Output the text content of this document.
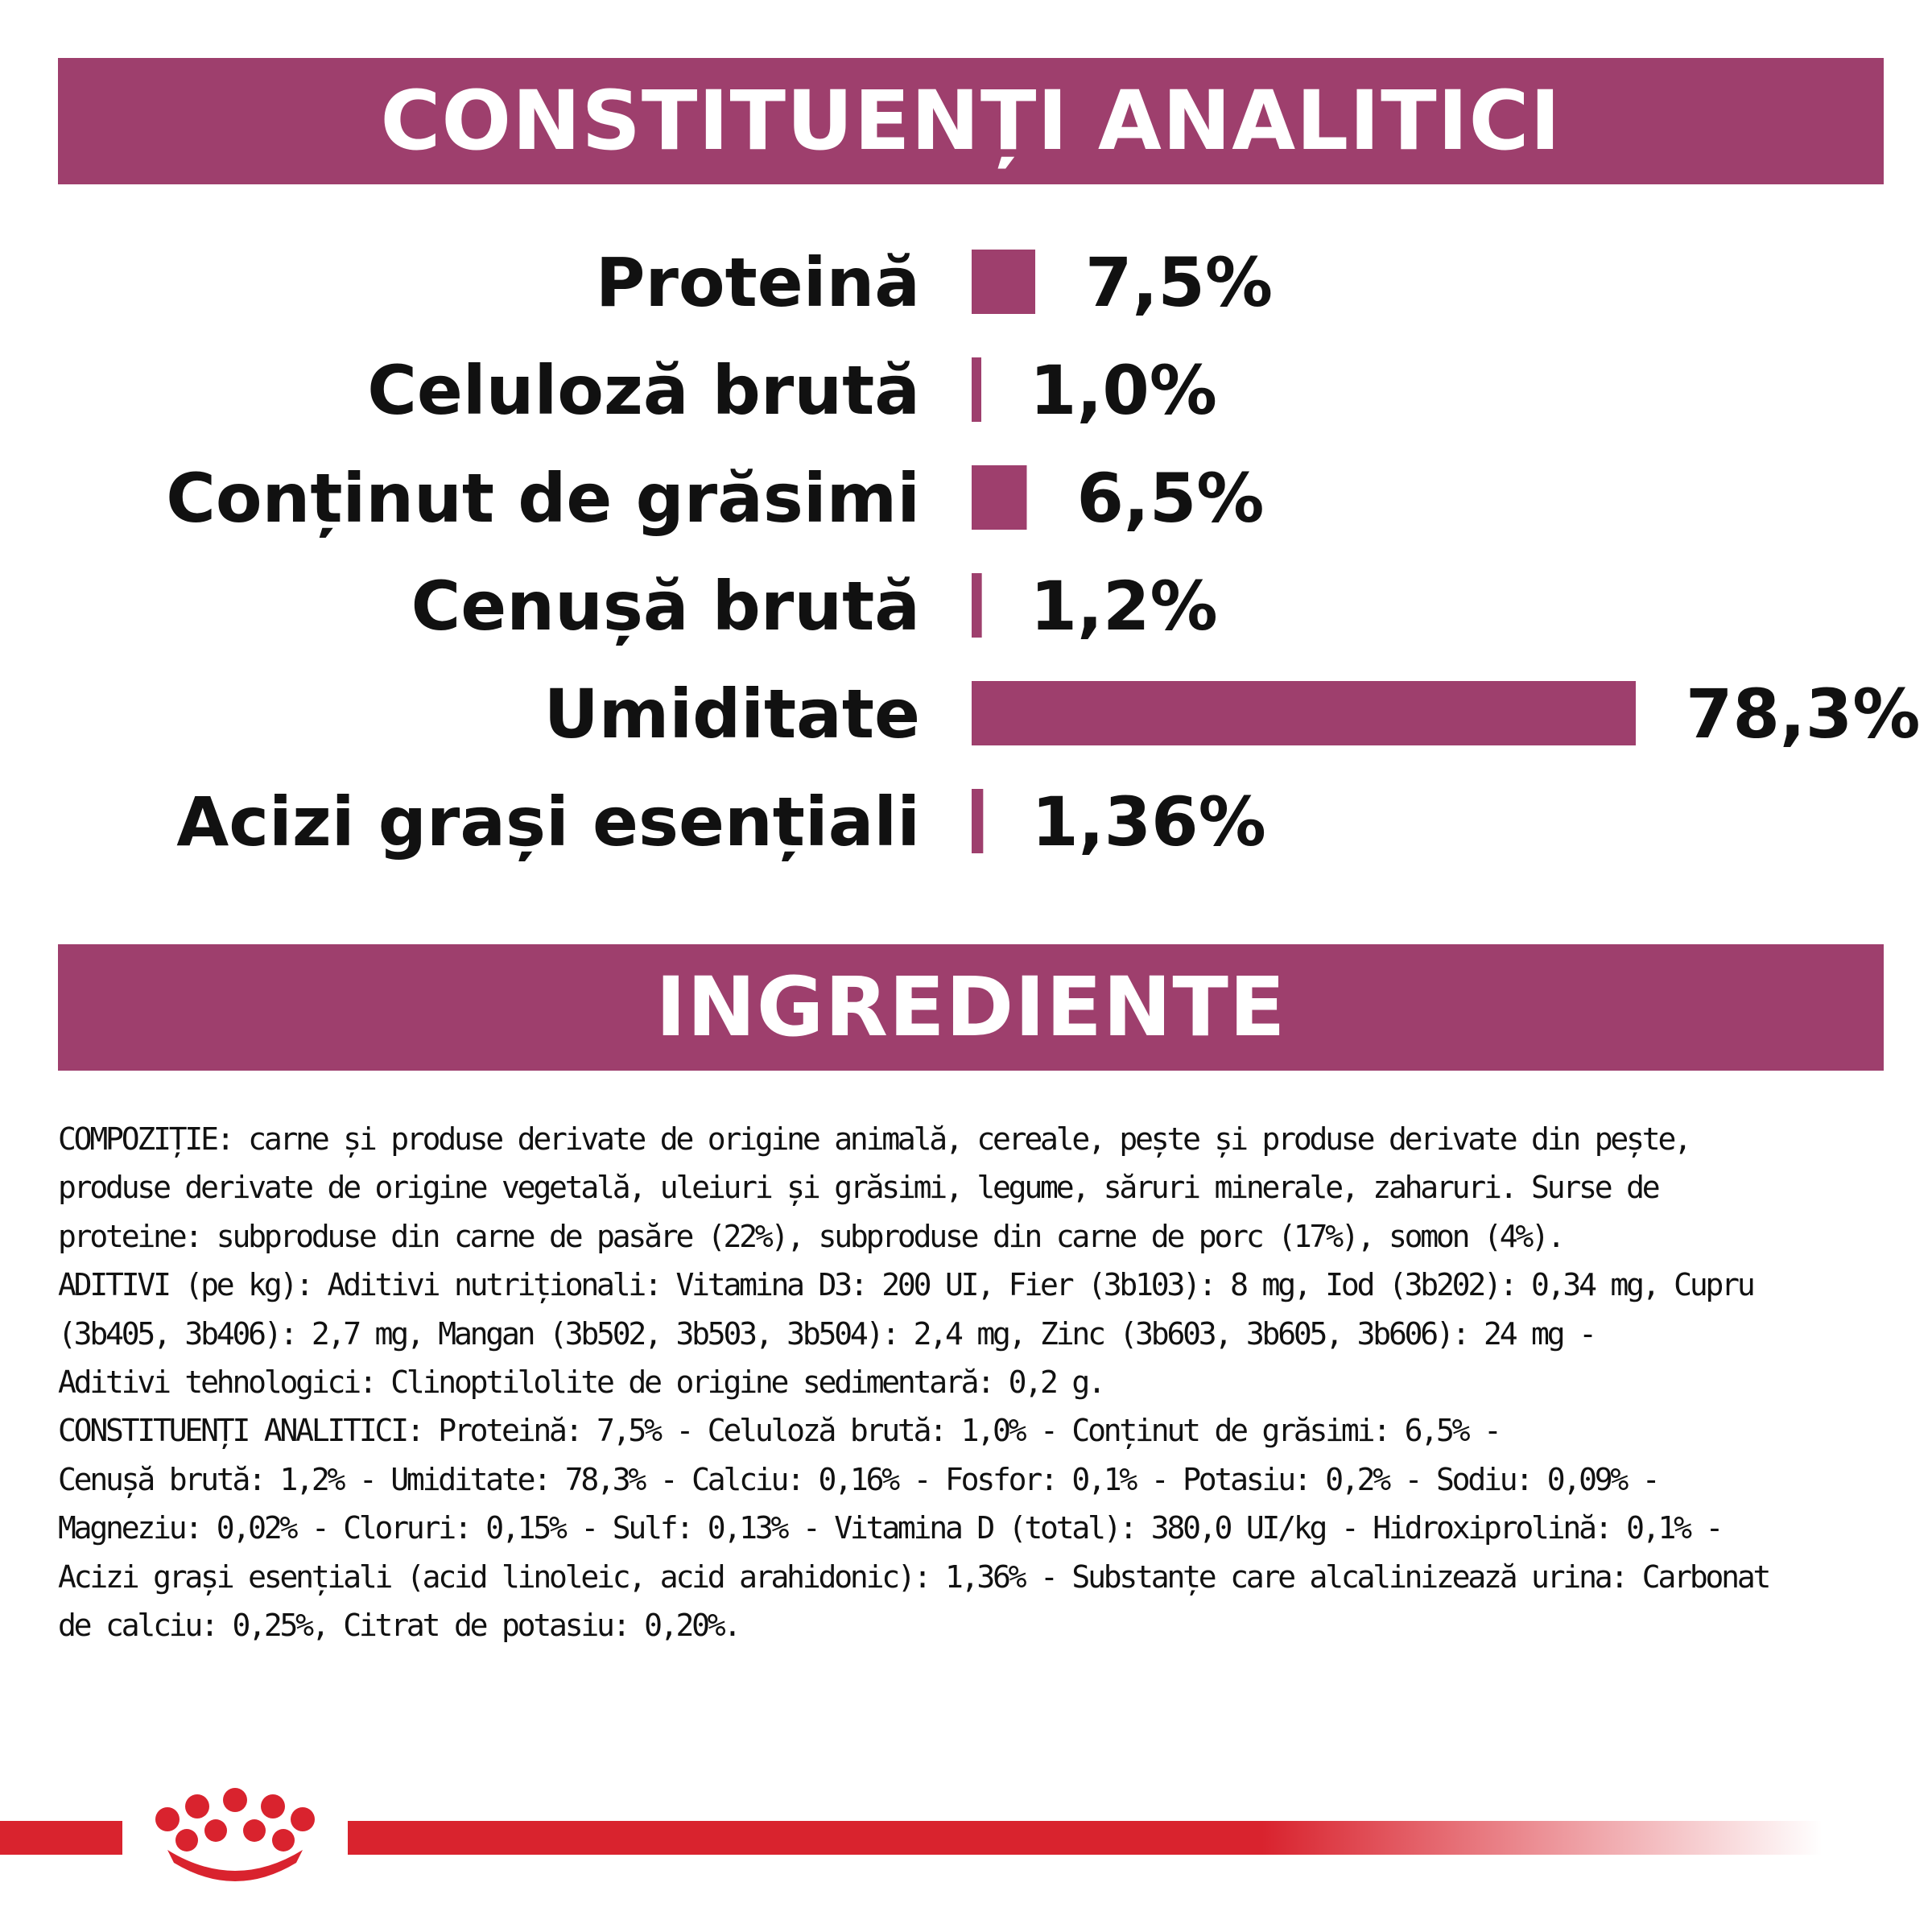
CONSTITUENȚI ANALITICI
Proteină 7,5%
Celuloză brută 1,0%
Conținut de grăsimi 6,5%
Cenușă brută 1,2%
Umiditate	78,3%
Acizi grași esențiali 1,36%
INGREDIENTE

COMPOZIȚIE: carne și produse derivate de origine animală, cereale, pește și produse derivate din pește,

produse derivate de origine vegetală, uleiuri și grăsimi, legume, săruri minerale, zaharuri. Surse de

proteine: subproduse din carne de pasăre (22%), subproduse din carne de porc (17%), somon (4%).

ADITIVI (pe kg): Aditivi nutriționali: Vitamina D3: 200 UI, Fier (3b103): 8 mg, Iod (3b202): 0,34 mg, Cupru

(3b405, 3b406): 2,7 mg, Mangan (3b502, 3b503, 3b504): 2,4 mg, Zinc (3b603, 3b605, 3b606): 24 mg -

Aditivi tehnologici: Clinoptilolite de origine sedimentară: 0,2 g.

CONSTITUENȚI ANALITICI: Proteină: 7,5% - Celuloză brută: 1,0% - Conținut de grăsimi: 6,5% -

Cenușă brută: 1,2% - Umiditate: 78,3% - Calciu: 0,16% - Fosfor: 0,1% - Potasiu: 0,2% - Sodiu: 0,09% -

Magneziu: 0,02% - Cloruri: 0,15% - Sulf: 0,13% - Vitamina D (total): 380,0 UI/kg - Hidroxiprolină: 0,1% -

Acizi grași esențiali (acid linoleic, acid arahidonic): 1,36% - Substanțe care alcalinizează urina: Carbonat

de calciu: 0,25%, Citrat de potasiu: 0,20%.
